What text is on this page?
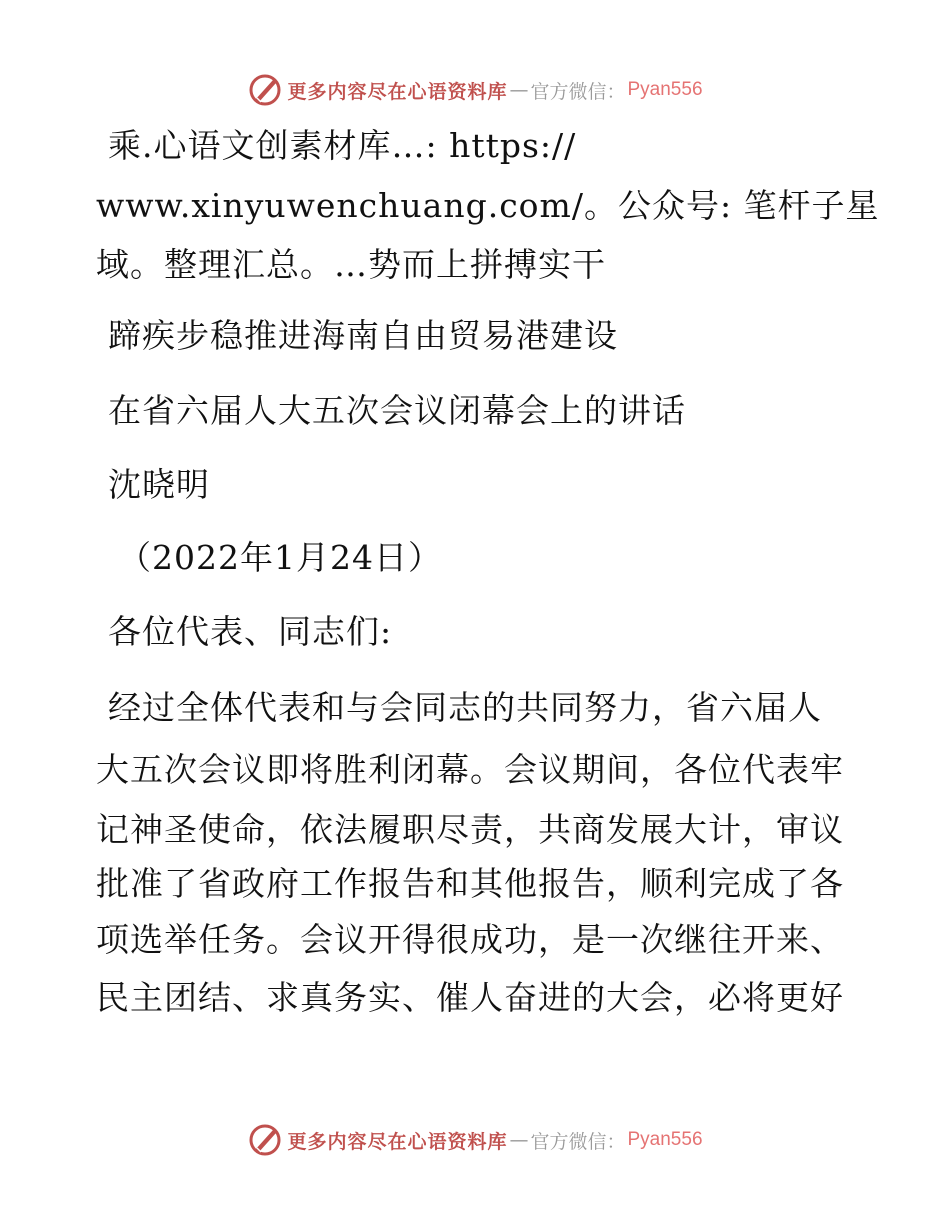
更多内容尽在心语资料库 — 官方微信： Pyan556
乘.心语文创素材库…: https://
www.xinyuwenchuang.com/。公众号: 笔杆子星
域。整理汇总。…势而上拼搏实干
蹄疾步稳推进海南自由贸易港建设
在省六届人大五次会议闭幕会上的讲话
沈晓明
（2022年1月24日）
各位代表、同志们:
经过全体代表和与会同志的共同努力，省六届人
大五次会议即将胜利闭幕。会议期间，各位代表牢
记神圣使命，依法履职尽责，共商发展大计，审议
批准了省政府工作报告和其他报告，顺利完成了各
项选举任务。会议开得很成功，是一次继往开来、
民主团结、求真务实、催人奋进的大会，必将更好
更多内容尽在心语资料库 — 官方微信： Pyan556
